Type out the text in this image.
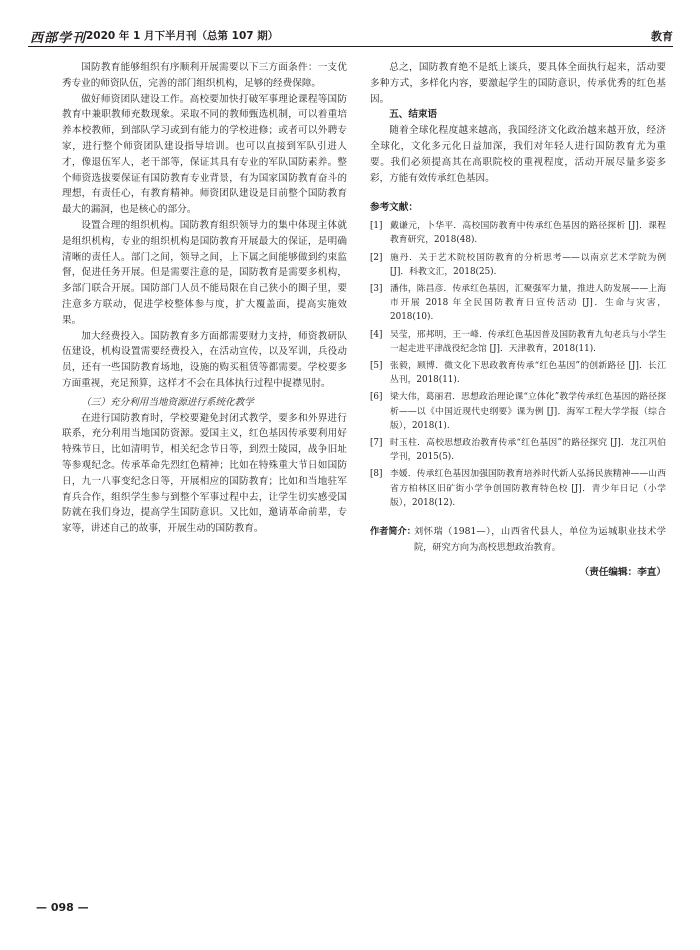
西部学刊 2020 年 1 月下半月刊（总第 107 期）	教育

国防教育能够组织有序顺利开展需要以下三方面条件：一支优秀专业的师资队伍，完善的部门组织机构，足够的经费保障。

做好师资团队建设工作。高校要加快打破军事理论课程等国防教育中兼职教师充数现象。采取不同的教师甄选机制，可以着重培养本校教师，到部队学习或到有能力的学校进修；或者可以外聘专家，进行整个师资团队建设指导培训。也可以直接到军队引进人才，像退伍军人，老干部等，保证其具有专业的军队国防素养。整个师资选拔要保证有国防教育专业背景，有为国家国防教育奋斗的理想，有责任心，有教育精神。师资团队建设是目前整个国防教育最大的漏洞，也是核心的部分。

设置合理的组织机构。国防教育组织领导力的集中体现主体就是组织机构，专业的组织机构是国防教育开展最大的保证，是明确清晰的责任人。部门之间，领导之间，上下属之间能够做到约束监督，促进任务开展。但是需要注意的是，国防教育是需要多机构，多部门联合开展。国防部门人员不能局限在自己狭小的圈子里，要注意多方联动，促进学校整体参与度，扩大覆盖面，提高实施效果。

加大经费投入。国防教育多方面都需要财力支持，师资教研队伍建设，机构设置需要经费投入，在活动宣传，以及军训，兵役动员，还有一些国防教育场地，设施的购买租赁等都需要。学校要多方面重视，充足预算，这样才不会在具体执行过程中捉襟见肘。

（三）充分利用当地资源进行系统化教学

在进行国防教育时，学校要避免封闭式教学，要多和外界进行联系，充分利用当地国防资源。爱国主义，红色基因传承要利用好特殊节日，比如清明节，相关纪念节日等，到烈士陵园，战争旧址等参观纪念。传承革命先烈红色精神；比如在特殊重大节日如国防日，九一八事变纪念日等，开展相应的国防教育；比如和当地驻军育兵合作，组织学生参与到整个军事过程中去，让学生切实感受国防就在我们身边，提高学生国防意识。又比如，邀请革命前辈，专家等，讲述自己的故事，开展生动的国防教育。

总之，国防教育绝不是纸上谈兵，要具体全面执行起来，活动要多种方式，多样化内容，要激起学生的国防意识，传承优秀的红色基因。

五、结束语

随着全球化程度越来越高，我国经济文化政治越来越开放，经济全球化，文化多元化日益加深，我们对年轻人进行国防教育尤为重要。我们必须提高其在高职院校的重视程度，活动开展尽量多姿多彩，方能有效传承红色基因。

参考文献：
[1] 戴谦元，卜华平．高校国防教育中传承红色基因的路径探析 [J]．课程教育研究，2018(48).
[2] 施丹．关于艺术院校国防教育的分析思考——以南京艺术学院为例 [J]．科教文汇，2018(25).
[3] 潘伟，陈昌彦．传承红色基因，汇聚强军力量，推进人防发展——上海市开展 2018 年全民国防教育日宣传活动 [J]．生命与灾害，2018(10).
[4] 吴莹，邢邦明，王一峰．传承红色基因普及国防教育九旬老兵与小学生一起走进平津战役纪念馆 [J]．天津教育，2018(11).
[5] 张毅，顾博．微文化下思政教育传承“红色基因”的创新路径 [J]．长江丛刊，2018(11).
[6] 梁大伟，葛丽君．思想政治理论课“立体化”教学传承红色基因的路径探析——以《中国近现代史纲要》课为例 [J]．海军工程大学学报（综合版），2018(1).
[7] 时玉柱．高校思想政治教育传承“红色基因”的路径探究 [J]．龙江巩伯学刊，2015(5).
[8] 李媛．传承红色基因加强国防教育培养时代新人弘扬民族精神——山西省方柏林区旧矿街小学争创国防教育特色校 [J]．青少年日记（小学版），2018(12).
作者简介：
刘怀瑞（1981—），山西省代县人，单位为运城职业技术学院，研究方向为高校思想政治教育。
（责任编辑：李直）
— 098 —
